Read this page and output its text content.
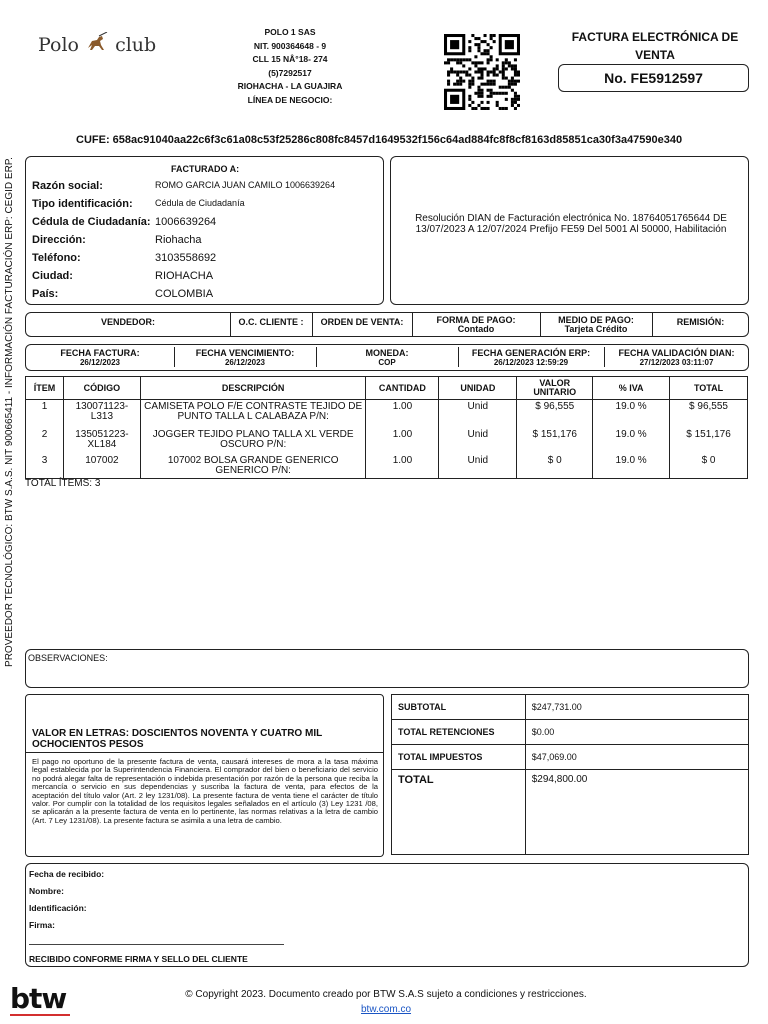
PROVEEDOR TECNOLÓGICO: BTW S.A.S. NIT 900665411 - INFORMACIÓN FACTURACIÓN ERP: CEGID ERP.
Polo club
POLO 1 SAS
NIT. 900364648 - 9
CLL 15 NÂ°18- 274
(5)7292517
RIOHACHA - LA GUAJIRA
LÍNEA DE NEGOCIO:
FACTURA ELECTRÓNICA DE VENTA
No. FE5912597
CUFE: 658ac91040aa22c6f3c61a08c53f25286c808fc8457d1649532f156c64ad884fc8f8cf8163d85851ca30f3a47590e340
FACTURADO A:
Razón social:	ROMO GARCIA JUAN CAMILO 1006639264
Tipo identificación: Cédula de Ciudadanía
Cédula de Ciudadanía: 1006639264
Dirección:	Riohacha
Teléfono:	3103558692
Ciudad:	RIOHACHA
País:	COLOMBIA
Resolución DIAN de Facturación electrónica No. 18764051765644 DE 13/07/2023 A 12/07/2024 Prefijo FE59 Del 5001 Al 50000, Habilitación
VENDEDOR:	O.C. CLIENTE :	ORDEN DE VENTA:	FORMA DE PAGO:
Contado
MEDIO DE PAGO:
Tarjeta Crédito
REMISIÓN:
FECHA FACTURA:
26/12/2023
FECHA VENCIMIENTO:
26/12/2023
MONEDA:
COP
FECHA GENERACIÓN ERP:
26/12/2023 12:59:29
FECHA VALIDACIÓN DIAN:
27/12/2023 03:11:07
ÍTEM	CÓDIGO	DESCRIPCIÓN	CANTIDAD	UNIDAD	VALOR UNITARIO	% IVA	TOTAL
1	130071123-L313	CAMISETA POLO F/E CONTRASTE TEJIDO DE PUNTO TALLA L CALABAZA P/N:	1.00	Unid	$ 96,555	19.0 %	$ 96,555
2	135051223-XL184	JOGGER TEJIDO PLANO TALLA XL VERDE OSCURO P/N:	1.00	Unid	$ 151,176	19.0 %	$ 151,176
3	107002	107002 BOLSA GRANDE GENERICO GENERICO P/N:	1.00	Unid	$ 0	19.0 %	$ 0
TOTAL ÍTEMS: 3
OBSERVACIONES:
VALOR EN LETRAS: DOSCIENTOS NOVENTA Y CUATRO MIL OCHOCIENTOS PESOS
El pago no oportuno de la presente factura de venta, causará intereses de mora a la tasa máxima legal establecida por la Superintendencia Financiera. El comprador del bien o beneficiario del servicio no podrá alegar falta de representación o indebida presentación por razón de la persona que reciba la mercancía o servicio en sus dependencias y suscriba la factura de venta, para efectos de la aceptación del título valor (Art. 2 ley 1231/08). La presente factura de venta tiene el carácter de título valor. Por cumplir con la totalidad de los requisitos legales señalados en el artículo (3) Ley 1231 /08, se aplicarán a la presente factura de venta en lo pertinente, las normas relativas a la letra de cambio (Art. 7 Ley 1231/08). La presente factura se asimila a una letra de cambio.
SUBTOTAL	$247,731.00
TOTAL RETENCIONES	$0.00
TOTAL IMPUESTOS	$47,069.00
TOTAL	$294,800.00
Fecha de recibido:
Nombre:
Identificación:
Firma:
RECIBIDO CONFORME FIRMA Y SELLO DEL CLIENTE
btw	© Copyright 2023. Documento creado por BTW S.A.S sujeto a condiciones y restricciones.
btw.com.co
